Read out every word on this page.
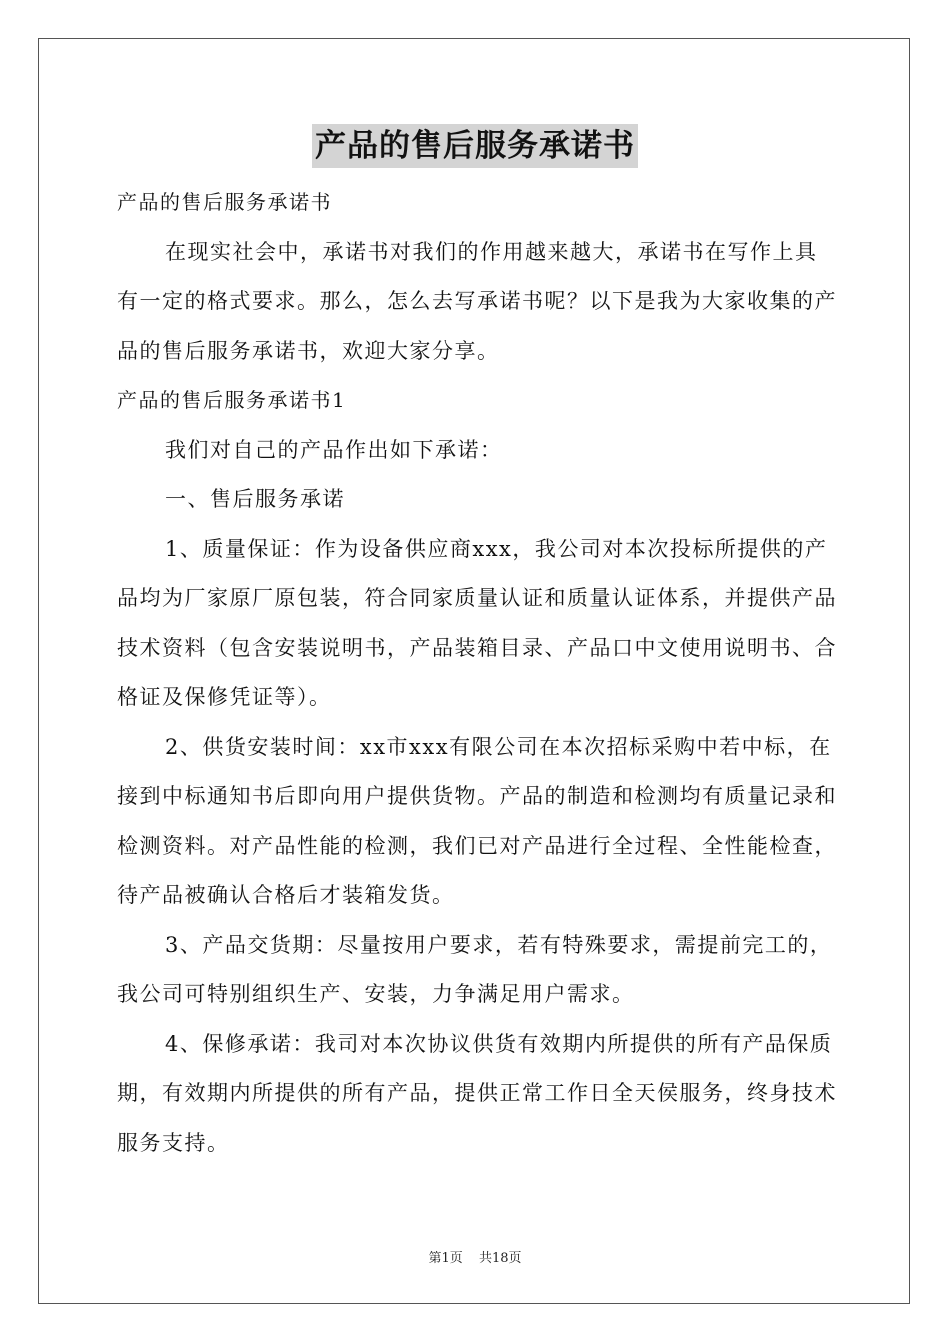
产品的售后服务承诺书

产品的售后服务承诺书

在现实社会中，承诺书对我们的作用越来越大，承诺书在写作上具有一定的格式要求。那么，怎么去写承诺书呢？以下是我为大家收集的产品的售后服务承诺书，欢迎大家分享。

产品的售后服务承诺书1

我们对自己的产品作出如下承诺：

一、售后服务承诺

1、质量保证：作为设备供应商xxx，我公司对本次投标所提供的产品均为厂家原厂原包装，符合同家质量认证和质量认证体系，并提供产品技术资料（包含安装说明书，产品装箱目录、产品口中文使用说明书、合格证及保修凭证等）。

2、供货安装时间：xx市xxx有限公司在本次招标采购中若中标，在接到中标通知书后即向用户提供货物。产品的制造和检测均有质量记录和检测资料。对产品性能的检测，我们已对产品进行全过程、全性能检查，待产品被确认合格后才装箱发货。

3、产品交货期：尽量按用户要求，若有特殊要求，需提前完工的，我公司可特别组织生产、安装，力争满足用户需求。

4、保修承诺：我司对本次协议供货有效期内所提供的所有产品保质期，有效期内所提供的所有产品，提供正常工作日全天侯服务，终身技术服务支持。

第1页 共18页
